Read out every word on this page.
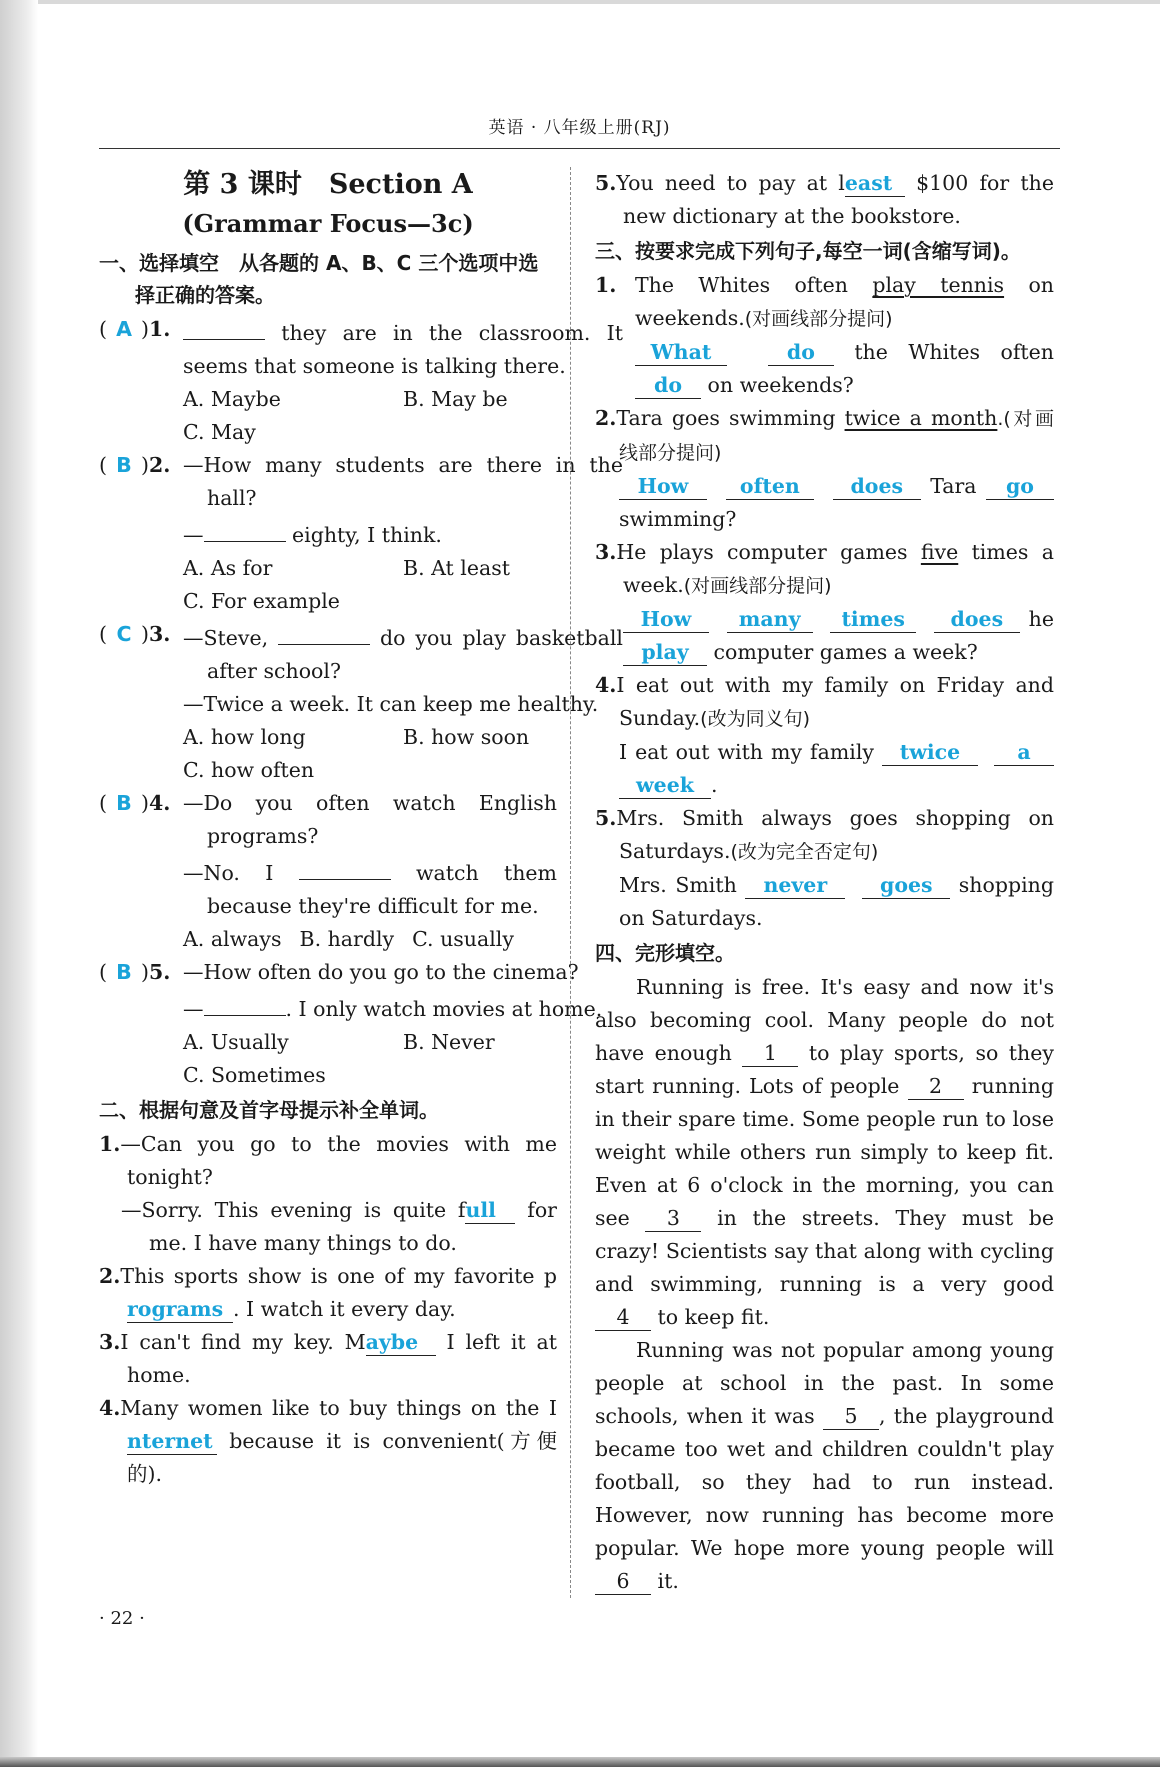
英语 · 八年级上册(RJ)
第 3 课时　Section A
(Grammar Focus—3c)
一、选择填空　从各题的 A、B、C 三个选项中选择正确的答案。
( A )1.	they are in the classroom. It seems that someone is talking there.

A. Maybe	B. May be
C. May
( B )2. —How many students are there in the hall?

—	eighty, I think.

A. As for	B. At least
C. For example
( C )3. —Steve,	do you play basketball after school?

—Twice a week. It can keep me healthy.

A. how long	B. how soon
C. how often
( B )4. —Do you often watch English programs?

—No. I	watch them because they're difficult for me.

A. always B. hardly C. usually
( B )5. —How often do you go to the cinema?

—	. I only watch movies at home.

A. Usually	B. Never
C. Sometimes
二、根据句意及首字母提示补全单词。
1.—Can you go to the movies with me tonight?
—Sorry. This evening is quite full for me. I have many things to do.
2.This sports show is one of my favorite programs . I watch it every day.
3.I can't find my key. Maybe I left it at home.
4.Many women like to buy things on the Internet because it is convenient(方便的).
5.You need to pay at least $100 for the new dictionary at the bookstore.
三、按要求完成下列句子,每空一词(含缩写词)。
1. The Whites often play tennis on weekends.(对画线部分提问)
What	do the Whites often do on weekends?
2.Tara goes swimming twice a month.(对画线部分提问)
How	often does Tara go swimming?
3.He plays computer games five times a week.(对画线部分提问)
How many times does he play computer games a week?
4.I eat out with my family on Friday and Sunday.(改为同义句)
I eat out with my family twice	a week .
5.Mrs. Smith always goes shopping on Saturdays.(改为完全否定句)
Mrs. Smith never	goes shopping on Saturdays.
四、完形填空。

Running is free. It's easy and now it's also becoming cool. Many people do not have enough 1 to play sports, so they start running. Lots of people 2 running in their spare time. Some people run to lose weight while others run simply to keep fit. Even at 6 o'clock in the morning, you can see 3 in the streets. They must be crazy! Scientists say that along with cycling and swimming, running is a very good 4 to keep fit.

Running was not popular among young people at school in the past. In some schools, when it was 5 , the playground became too wet and children couldn't play football, so they had to run instead. However, now running has become more popular. We hope more young people will 6 it.

· 22 ·
